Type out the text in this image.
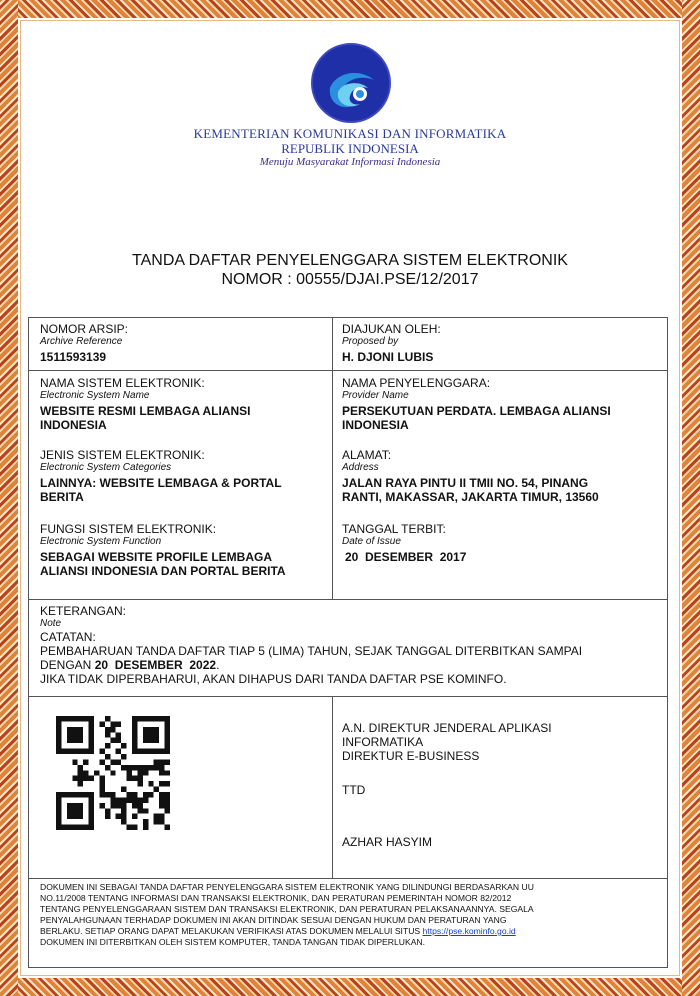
KEMENTERIAN KOMUNIKASI DAN INFORMATIKA
REPUBLIK INDONESIA
Menuju Masyarakat Informasi Indonesia
TANDA DAFTAR PENYELENGGARA SISTEM ELEKTRONIK
NOMOR : 00555/DJAI.PSE/12/2017
NOMOR ARSIP:
Archive Reference
1511593139
DIAJUKAN OLEH:
Proposed by
H. DJONI LUBIS
NAMA SISTEM ELEKTRONIK:
Electronic System Name
WEBSITE RESMI LEMBAGA ALIANSI
INDONESIA
NAMA PENYELENGGARA:
Provider Name
PERSEKUTUAN PERDATA. LEMBAGA ALIANSI
INDONESIA
JENIS SISTEM ELEKTRONIK:
Electronic System Categories
LAINNYA: WEBSITE LEMBAGA & PORTAL
BERITA
ALAMAT:
Address
JALAN RAYA PINTU II TMII NO. 54, PINANG
RANTI, MAKASSAR, JAKARTA TIMUR, 13560
FUNGSI SISTEM ELEKTRONIK:
Electronic System Function
SEBAGAI WEBSITE PROFILE LEMBAGA
ALIANSI INDONESIA DAN PORTAL BERITA
TANGGAL TERBIT:
Date of Issue
20  DESEMBER  2017
KETERANGAN:
Note
CATATAN:
PEMBAHARUAN TANDA DAFTAR TIAP 5 (LIMA) TAHUN, SEJAK TANGGAL DITERBITKAN SAMPAI
DENGAN 20  DESEMBER  2022.
JIKA TIDAK DIPERBAHARUI, AKAN DIHAPUS DARI TANDA DAFTAR PSE KOMINFO.
A.N. DIREKTUR JENDERAL APLIKASI
INFORMATIKA
DIREKTUR E-BUSINESS
TTD
AZHAR HASYIM
DOKUMEN INI SEBAGAI TANDA DAFTAR PENYELENGGARA SISTEM ELEKTRONIK YANG DILINDUNGI BERDASARKAN UU
NO.11/2008 TENTANG INFORMASI DAN TRANSAKSI ELEKTRONIK, DAN PERATURAN PEMERINTAH NOMOR 82/2012
TENTANG PENYELENGGARAAN SISTEM DAN TRANSAKSI ELEKTRONIK, DAN PERATURAN PELAKSANAANNYA. SEGALA
PENYALAHGUNAAN TERHADAP DOKUMEN INI AKAN DITINDAK SESUAI DENGAN HUKUM DAN PERATURAN YANG
BERLAKU. SETIAP ORANG DAPAT MELAKUKAN VERIFIKASI ATAS DOKUMEN MELALUI SITUS https://pse.kominfo.go.id
DOKUMEN INI DITERBITKAN OLEH SISTEM KOMPUTER, TANDA TANGAN TIDAK DIPERLUKAN.
